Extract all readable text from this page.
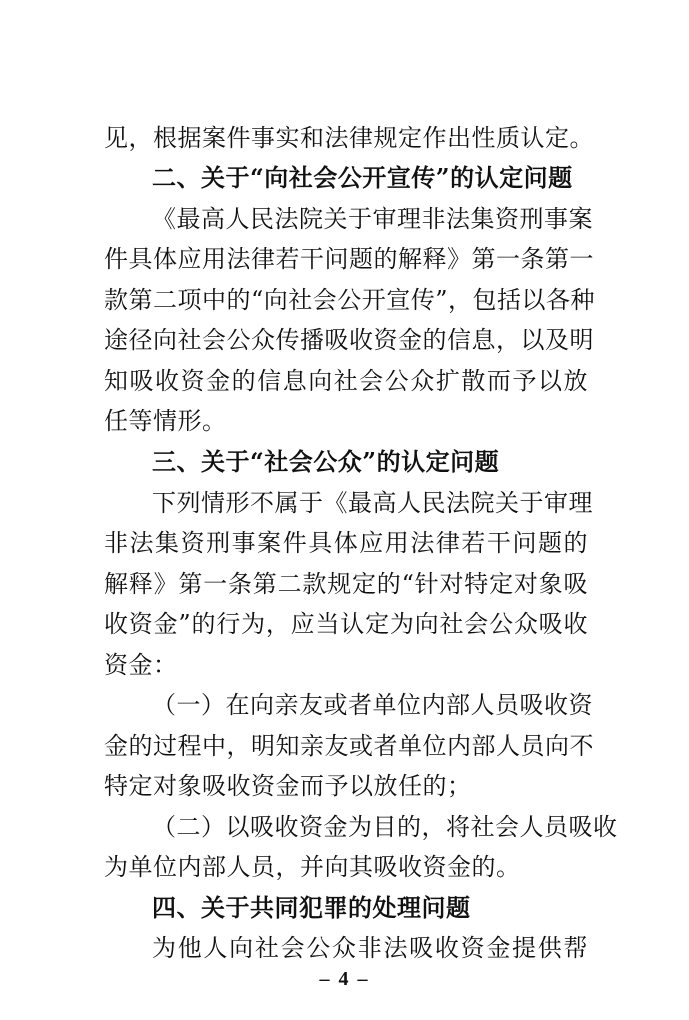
见，根据案件事实和法律规定作出性质认定。
二、关于“向社会公开宣传”的认定问题
《最高人民法院关于审理非法集资刑事案
件具体应用法律若干问题的解释》第一条第一
款第二项中的“向社会公开宣传”，包括以各种
途径向社会公众传播吸收资金的信息，以及明
知吸收资金的信息向社会公众扩散而予以放
任等情形。
三、关于“社会公众”的认定问题
下列情形不属于《最高人民法院关于审理
非法集资刑事案件具体应用法律若干问题的
解释》第一条第二款规定的“针对特定对象吸
收资金”的行为，应当认定为向社会公众吸收
资金：
（一）在向亲友或者单位内部人员吸收资
金的过程中，明知亲友或者单位内部人员向不
特定对象吸收资金而予以放任的；
（二）以吸收资金为目的，将社会人员吸收
为单位内部人员，并向其吸收资金的。
四、关于共同犯罪的处理问题
为他人向社会公众非法吸收资金提供帮
– 4 –
